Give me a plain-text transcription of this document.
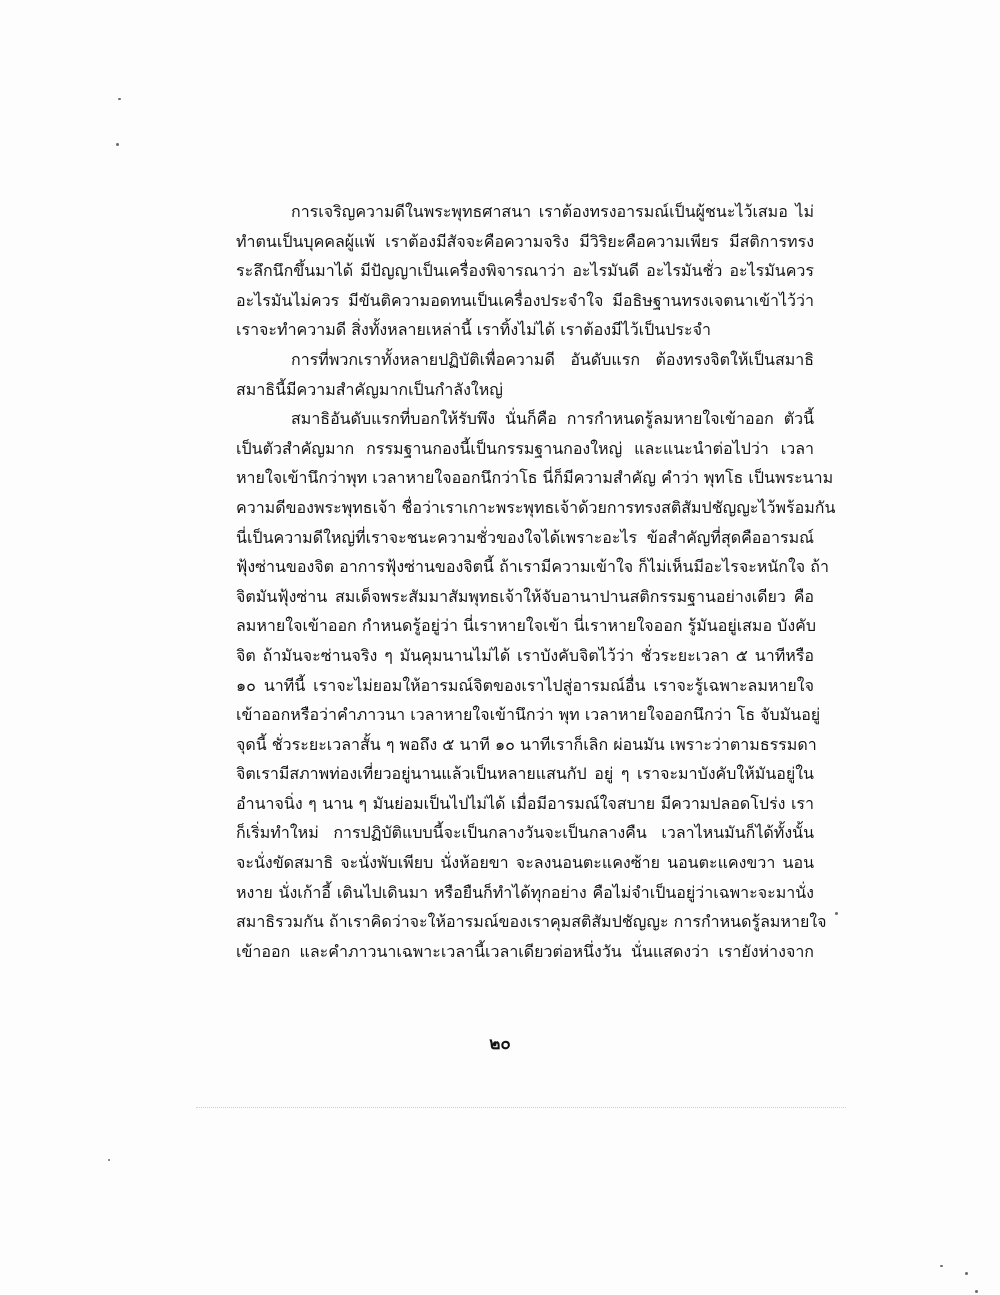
การเจริญความดีในพระพุทธศาสนา เราต้องทรงอารมณ์เป็นผู้ชนะไว้เสมอ ไม่
ทำตนเป็นบุคคลผู้แพ้ เราต้องมีสัจจะคือความจริง มีวิริยะคือความเพียร มีสติการทรง
ระลึกนึกขึ้นมาได้ มีปัญญาเป็นเครื่องพิจารณาว่า อะไรมันดี อะไรมันชั่ว อะไรมันควร
อะไรมันไม่ควร มีขันติความอดทนเป็นเครื่องประจำใจ มีอธิษฐานทรงเจตนาเข้าไว้ว่า
เราจะทำความดี สิ่งทั้งหลายเหล่านี้ เราทิ้งไม่ได้ เราต้องมีไว้เป็นประจำ

การที่พวกเราทั้งหลายปฏิบัติเพื่อความดี อันดับแรก ต้องทรงจิตให้เป็นสมาธิ
สมาธินี้มีความสำคัญมากเป็นกำลังใหญ่

สมาธิอันดับแรกที่บอกให้รับพึง นั่นก็คือ การกำหนดรู้ลมหายใจเข้าออก ตัวนี้
เป็นตัวสำคัญมาก กรรมฐานกองนี้เป็นกรรมฐานกองใหญ่ และแนะนำต่อไปว่า เวลา
หายใจเข้านึกว่าพุท เวลาหายใจออกนึกว่าโธ นี่ก็มีความสำคัญ คำว่า พุทโธ เป็นพระนาม
ความดีของพระพุทธเจ้า ชื่อว่าเราเกาะพระพุทธเจ้าด้วยการทรงสติสัมปชัญญะไว้พร้อมกัน
นี่เป็นความดีใหญ่ที่เราจะชนะความชั่วของใจได้เพราะอะไร ข้อสำคัญที่สุดคืออารมณ์
ฟุ้งซ่านของจิต อาการฟุ้งซ่านของจิตนี้ ถ้าเรามีความเข้าใจ ก็ไม่เห็นมีอะไรจะหนักใจ ถ้า
จิตมันฟุ้งซ่าน สมเด็จพระสัมมาสัมพุทธเจ้าให้จับอานาปานสติกรรมฐานอย่างเดียว คือ
ลมหายใจเข้าออก กำหนดรู้อยู่ว่า นี่เราหายใจเข้า นี่เราหายใจออก รู้มันอยู่เสมอ บังคับ
จิต ถ้ามันจะซ่านจริง ๆ มันคุมนานไม่ได้ เราบังคับจิตไว้ว่า ชั่วระยะเวลา ๕ นาทีหรือ
๑๐ นาทีนี้ เราจะไม่ยอมให้อารมณ์จิตของเราไปสู่อารมณ์อื่น เราจะรู้เฉพาะลมหายใจ
เข้าออกหรือว่าคำภาวนา เวลาหายใจเข้านึกว่า พุท เวลาหายใจออกนึกว่า โธ จับมันอยู่
จุดนี้ ชั่วระยะเวลาสั้น ๆ พอถึง ๕ นาที ๑๐ นาทีเราก็เลิก ผ่อนมัน เพราะว่าตามธรรมดา
จิตเรามีสภาพท่องเที่ยวอยู่นานแล้วเป็นหลายแสนกัป อยู่ ๆ เราจะมาบังคับให้มันอยู่ใน
อำนาจนิ่ง ๆ นาน ๆ มันย่อมเป็นไปไม่ได้ เมื่อมีอารมณ์ใจสบาย มีความปลอดโปร่ง เรา
ก็เริ่มทำใหม่ การปฏิบัติแบบนี้จะเป็นกลางวันจะเป็นกลางคืน เวลาไหนมันก็ได้ทั้งนั้น
จะนั่งขัดสมาธิ จะนั่งพับเพียบ นั่งห้อยขา จะลงนอนตะแคงซ้าย นอนตะแคงขวา นอน
หงาย นั่งเก้าอี้ เดินไปเดินมา หรือยืนก็ทำได้ทุกอย่าง คือไม่จำเป็นอยู่ว่าเฉพาะจะมานั่ง
สมาธิรวมกัน ถ้าเราคิดว่าจะให้อารมณ์ของเราคุมสติสัมปชัญญะ การกำหนดรู้ลมหายใจ
เข้าออก และคำภาวนาเฉพาะเวลานี้เวลาเดียวต่อหนึ่งวัน นั่นแสดงว่า เรายังห่างจาก

๒๐
